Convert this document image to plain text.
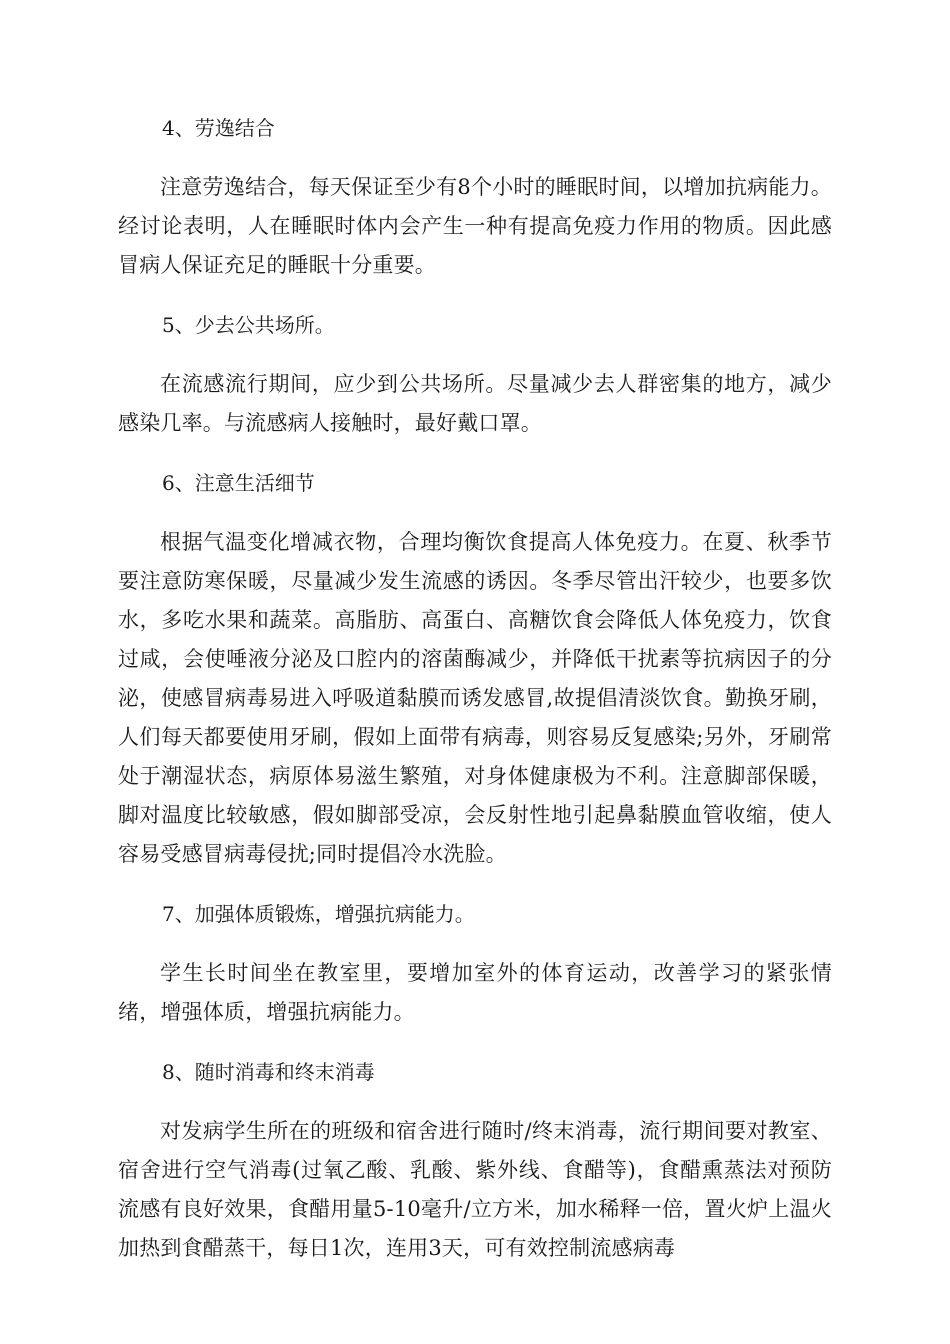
4、劳逸结合

注意劳逸结合，每天保证至少有8个小时的睡眠时间，以增加抗病能力。经讨论表明，人在睡眠时体内会产生一种有提高免疫力作用的物质。因此感冒病人保证充足的睡眠十分重要。

5、少去公共场所。

在流感流行期间，应少到公共场所。尽量减少去人群密集的地方，减少感染几率。与流感病人接触时，最好戴口罩。

6、注意生活细节

根据气温变化增减衣物，合理均衡饮食提高人体免疫力。在夏、秋季节要注意防寒保暖，尽量减少发生流感的诱因。冬季尽管出汗较少，也要多饮水，多吃水果和蔬菜。高脂肪、高蛋白、高糖饮食会降低人体免疫力，饮食过咸，会使唾液分泌及口腔内的溶菌酶减少，并降低干扰素等抗病因子的分泌，使感冒病毒易进入呼吸道黏膜而诱发感冒,故提倡清淡饮食。勤换牙刷，人们每天都要使用牙刷，假如上面带有病毒，则容易反复感染;另外，牙刷常处于潮湿状态，病原体易滋生繁殖，对身体健康极为不利。注意脚部保暖，脚对温度比较敏感，假如脚部受凉，会反射性地引起鼻黏膜血管收缩，使人容易受感冒病毒侵扰;同时提倡冷水洗脸。

7、加强体质锻炼，增强抗病能力。

学生长时间坐在教室里，要增加室外的体育运动，改善学习的紧张情绪，增强体质，增强抗病能力。

8、随时消毒和终末消毒

对发病学生所在的班级和宿舍进行随时/终末消毒，流行期间要对教室、宿舍进行空气消毒(过氧乙酸、乳酸、紫外线、食醋等)，食醋熏蒸法对预防流感有良好效果，食醋用量5-10毫升/立方米，加水稀释一倍，置火炉上温火加热到食醋蒸干，每日1次，连用3天，可有效控制流感病毒
